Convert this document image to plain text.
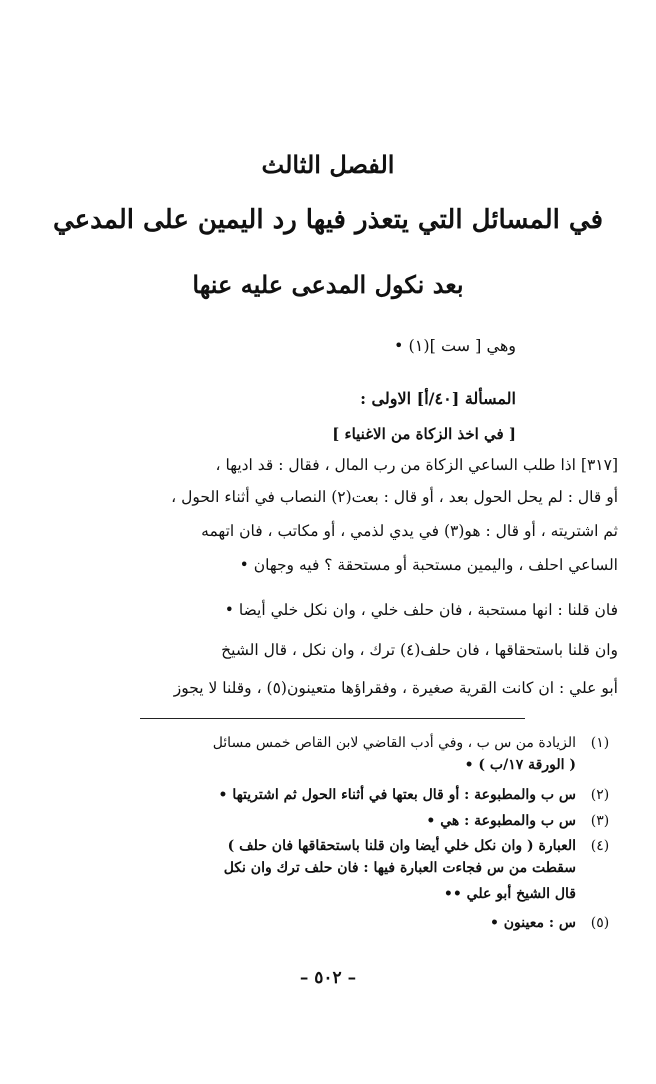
الفصل الثالث
في المسائل التي يتعذر فيها رد اليمين على المدعي
بعد نكول المدعى عليه عنها
وهي [ ست ](١) •
المسألة [٤٠/أ] الاولى :
[ في اخذ الزكاة من الاغنياء ]
[٣١٧] اذا طلب الساعي الزكاة من رب المال ، فقال : قد اديها ،
أو قال : لم يحل الحول بعد ، أو قال : بعت(٢) النصاب في أثناء الحول ،
ثم اشتريته ، أو قال : هو(٣) في يدي لذمي ، أو مكاتب ، فان اتهمه
الساعي احلف ، واليمين مستحبة أو مستحقة ؟ فيه وجهان •
فان قلنا : انها مستحبة ، فان حلف خلي ، وان نكل خلي أيضا •
وان قلنا باستحقاقها ، فان حلف(٤) ترك ، وان نكل ، قال الشيخ
أبو علي : ان كانت القرية صغيرة ، وفقراؤها متعينون(٥) ، وقلنا لا يجوز
(١)
الزيادة من س ب ، وفي أدب القاضي لابن القاص خمس مسائل
( الورقة ١٧/ب ) •
(٢)
س ب والمطبوعة : أو قال بعتها في أثناء الحول ثم اشتريتها •
(٣)
س ب والمطبوعة : هي •
(٤)
العبارة ( وان نكل خلي أيضا وان قلنا باستحقاقها فان حلف )
سقطت من س فجاءت العبارة فيها : فان حلف ترك وان نكل
قال الشيخ أبو علي ••
(٥)
س : معينون •
– ٥٠٢ –
